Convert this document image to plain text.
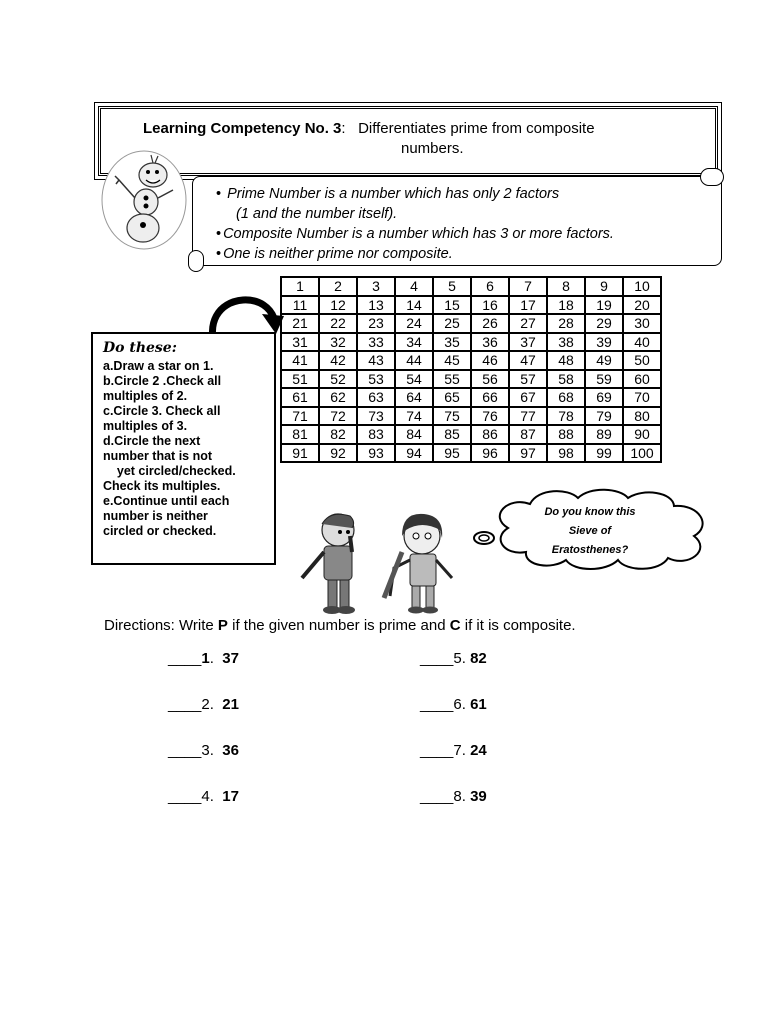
Learning Competency No. 3: Differentiates prime from composite
numbers.
• Prime Number is a number which has only 2 factors
(1 and the number itself).
• Composite Number is a number which has 3 or more factors.
• One is neither prime nor composite.
1	2	3	4	5	6	7	8	9	10
11	12	13	14	15	16	17	18	19	20
21	22	23	24	25	26	27	28	29	30
31	32	33	34	35	36	37	38	39	40
41	42	43	44	45	46	47	48	49	50
51	52	53	54	55	56	57	58	59	60
61	62	63	64	65	66	67	68	69	70
71	72	73	74	75	76	77	78	79	80
81	82	83	84	85	86	87	88	89	90
91	92	93	94	95	96	97	98	99	100
Do these:
a.Draw a star on 1.
b.Circle 2 .Check all
multiples of 2.
c.Circle 3. Check all
multiples of 3.
d.Circle the next
number that is not
yet circled/checked.
Check its multiples.
e.Continue until each
number is neither
circled or checked.
Do you know this
Sieve of
Eratosthenes?
Directions: Write P if the given number is prime and C if it is composite.
____1.  37
____2.  21
____3.  36
____4.  17
____5. 82
____6. 61
____7. 24
____8. 39
